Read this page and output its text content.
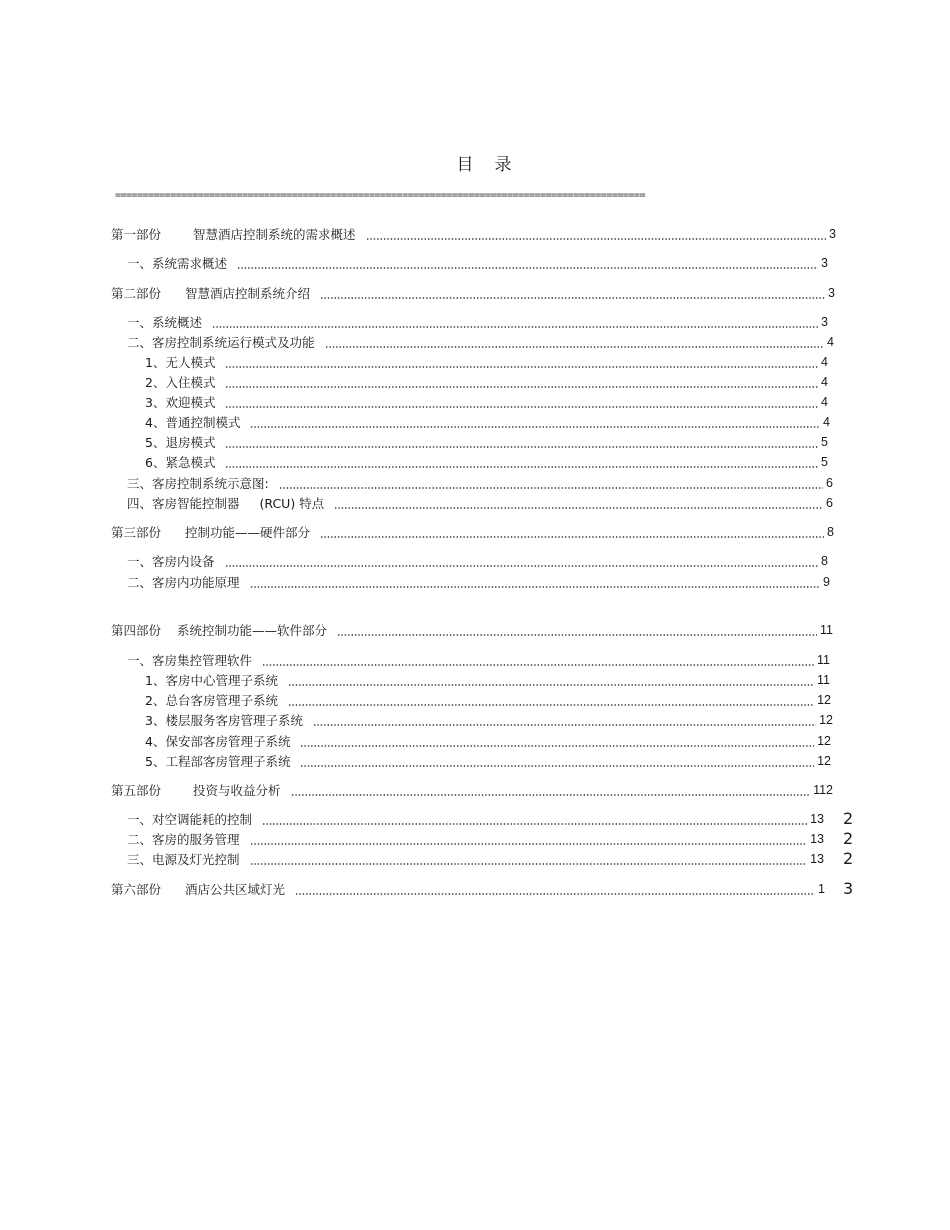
目　录
================================================================================================
第一部份	智慧酒店控制系统的需求概述	3
一、系统需求概述	3
第二部份 智慧酒店控制系统介绍	3
一、系统概述	3
二、客房控制系统运行模式及功能	4
1、无人模式	4
2、入住模式	4
3、欢迎模式	4
4、普通控制模式	4
5、退房模式	5
6、紧急模式	5
三、客房控制系统示意图:	6
四、客房智能控制器 (RCU) 特点	6
第三部份 控制功能——硬件部分	8
一、客房内设备	8
二、客房内功能原理	9
第四部份 系统控制功能——软件部分	11
一、客房集控管理软件	11
1、客房中心管理子系统	11
2、总台客房管理子系统	12
3、楼层服务客房管理子系统	12
4、保安部客房管理子系统	12
5、工程部客房管理子系统	12
第五部份	投资与收益分析	112
一、对空调能耗的控制	13 2
二、客房的服务管理	13 2
三、电源及灯光控制	13 2
第六部份 酒店公共区域灯光	1 3
